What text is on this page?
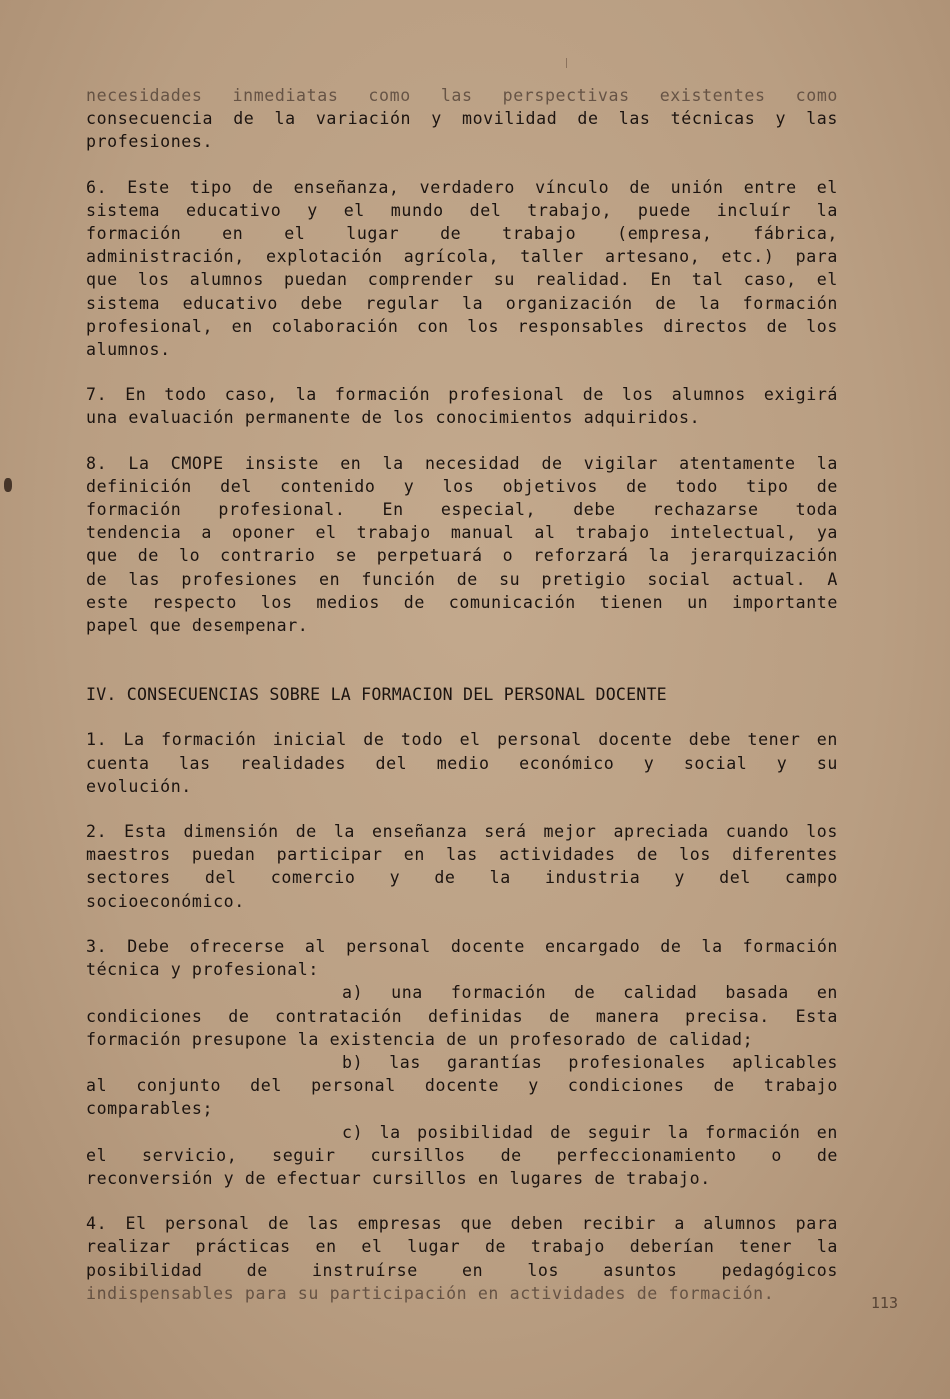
necesidades inmediatas como las perspectivas existentes como

consecuencia de la variación y movilidad de las técnicas y las

profesiones.

6. Este tipo de enseñanza, verdadero vínculo de unión entre el

sistema educativo y el mundo del trabajo, puede incluír la

formación en el lugar de trabajo (empresa, fábrica,

administración, explotación agrícola, taller artesano, etc.) para

que los alumnos puedan comprender su realidad. En tal caso, el

sistema educativo debe regular la organización de la formación

profesional, en colaboración con los responsables directos de los

alumnos.

7. En todo caso, la formación profesional de los alumnos exigirá

una evaluación permanente de los conocimientos adquiridos.

8. La CMOPE insiste en la necesidad de vigilar atentamente la

definición del contenido y los objetivos de todo tipo de

formación profesional. En especial, debe rechazarse toda

tendencia a oponer el trabajo manual al trabajo intelectual, ya

que de lo contrario se perpetuará o reforzará la jerarquización

de las profesiones en función de su pretigio social actual. A

este respecto los medios de comunicación tienen un importante

papel que desempenar.

IV. CONSECUENCIAS SOBRE LA FORMACION DEL PERSONAL DOCENTE

1. La formación inicial de todo el personal docente debe tener en

cuenta las realidades del medio económico y social y su

evolución.

2. Esta dimensión de la enseñanza será mejor apreciada cuando los

maestros puedan participar en las actividades de los diferentes

sectores del comercio y de la industria y del campo

socioeconómico.

3. Debe ofrecerse al personal docente encargado de la formación

técnica y profesional:

a) una formación de calidad basada en

condiciones de contratación definidas de manera precisa. Esta

formación presupone la existencia de un profesorado de calidad;

b) las garantías profesionales aplicables

al conjunto del personal docente y condiciones de trabajo

comparables;

c) la posibilidad de seguir la formación en

el servicio, seguir cursillos de perfeccionamiento o de

reconversión y de efectuar cursillos en lugares de trabajo.

4. El personal de las empresas que deben recibir a alumnos para

realizar prácticas en el lugar de trabajo deberían tener la

posibilidad de instruírse en los asuntos pedagógicos

indispensables para su participación en actividades de formación.

113
